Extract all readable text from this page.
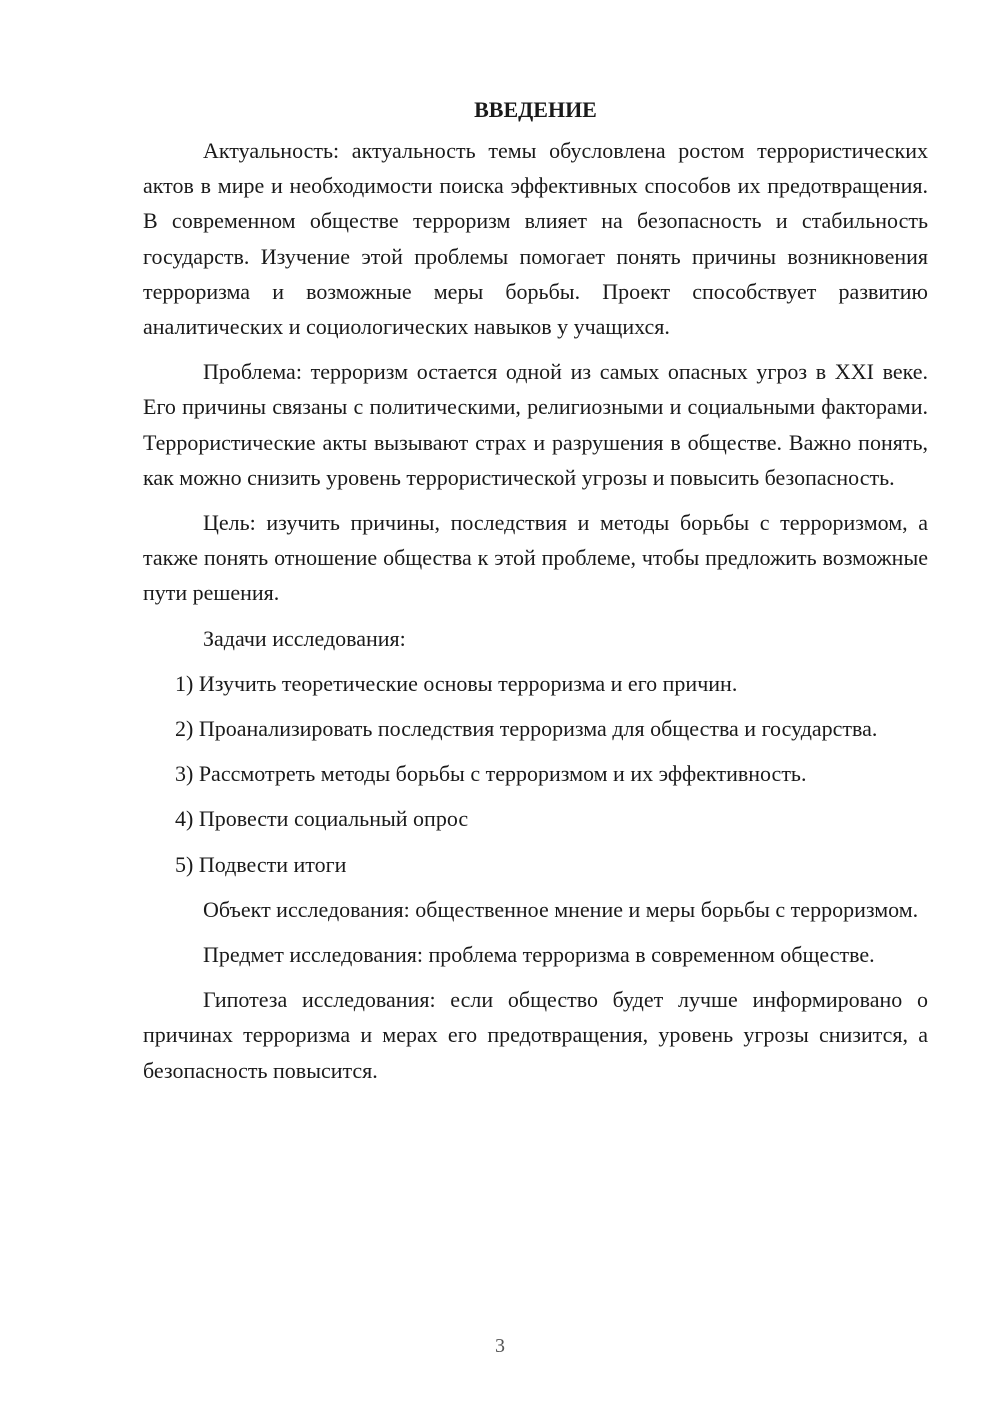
ВВЕДЕНИЕ

Актуальность: актуальность темы обусловлена ростом террористических актов в мире и необходимости поиска эффективных способов их предотвращения. В современном обществе терроризм влияет на безопасность и стабильность государств. Изучение этой проблемы помогает понять причины возникновения терроризма и возможные меры борьбы. Проект способствует развитию аналитических и социологических навыков у учащихся.

Проблема: терроризм остается одной из самых опасных угроз в XXI веке. Его причины связаны с политическими, религиозными и социальными факторами. Террористические акты вызывают страх и разрушения в обществе. Важно понять, как можно снизить уровень террористической угрозы и повысить безопасность.

Цель: изучить причины, последствия и методы борьбы с терроризмом, а также понять отношение общества к этой проблеме, чтобы предложить возможные пути решения.

Задачи исследования:

1) Изучить теоретические основы терроризма и его причин.

2) Проанализировать последствия терроризма для общества и государства.

3) Рассмотреть методы борьбы с терроризмом и их эффективность.

4) Провести социальный опрос

5) Подвести итоги

Объект исследования: общественное мнение и меры борьбы с терроризмом.

Предмет исследования: проблема терроризма в современном обществе.

Гипотеза исследования: если общество будет лучше информировано о причинах терроризма и мерах его предотвращения, уровень угрозы снизится, а безопасность повысится.

3
